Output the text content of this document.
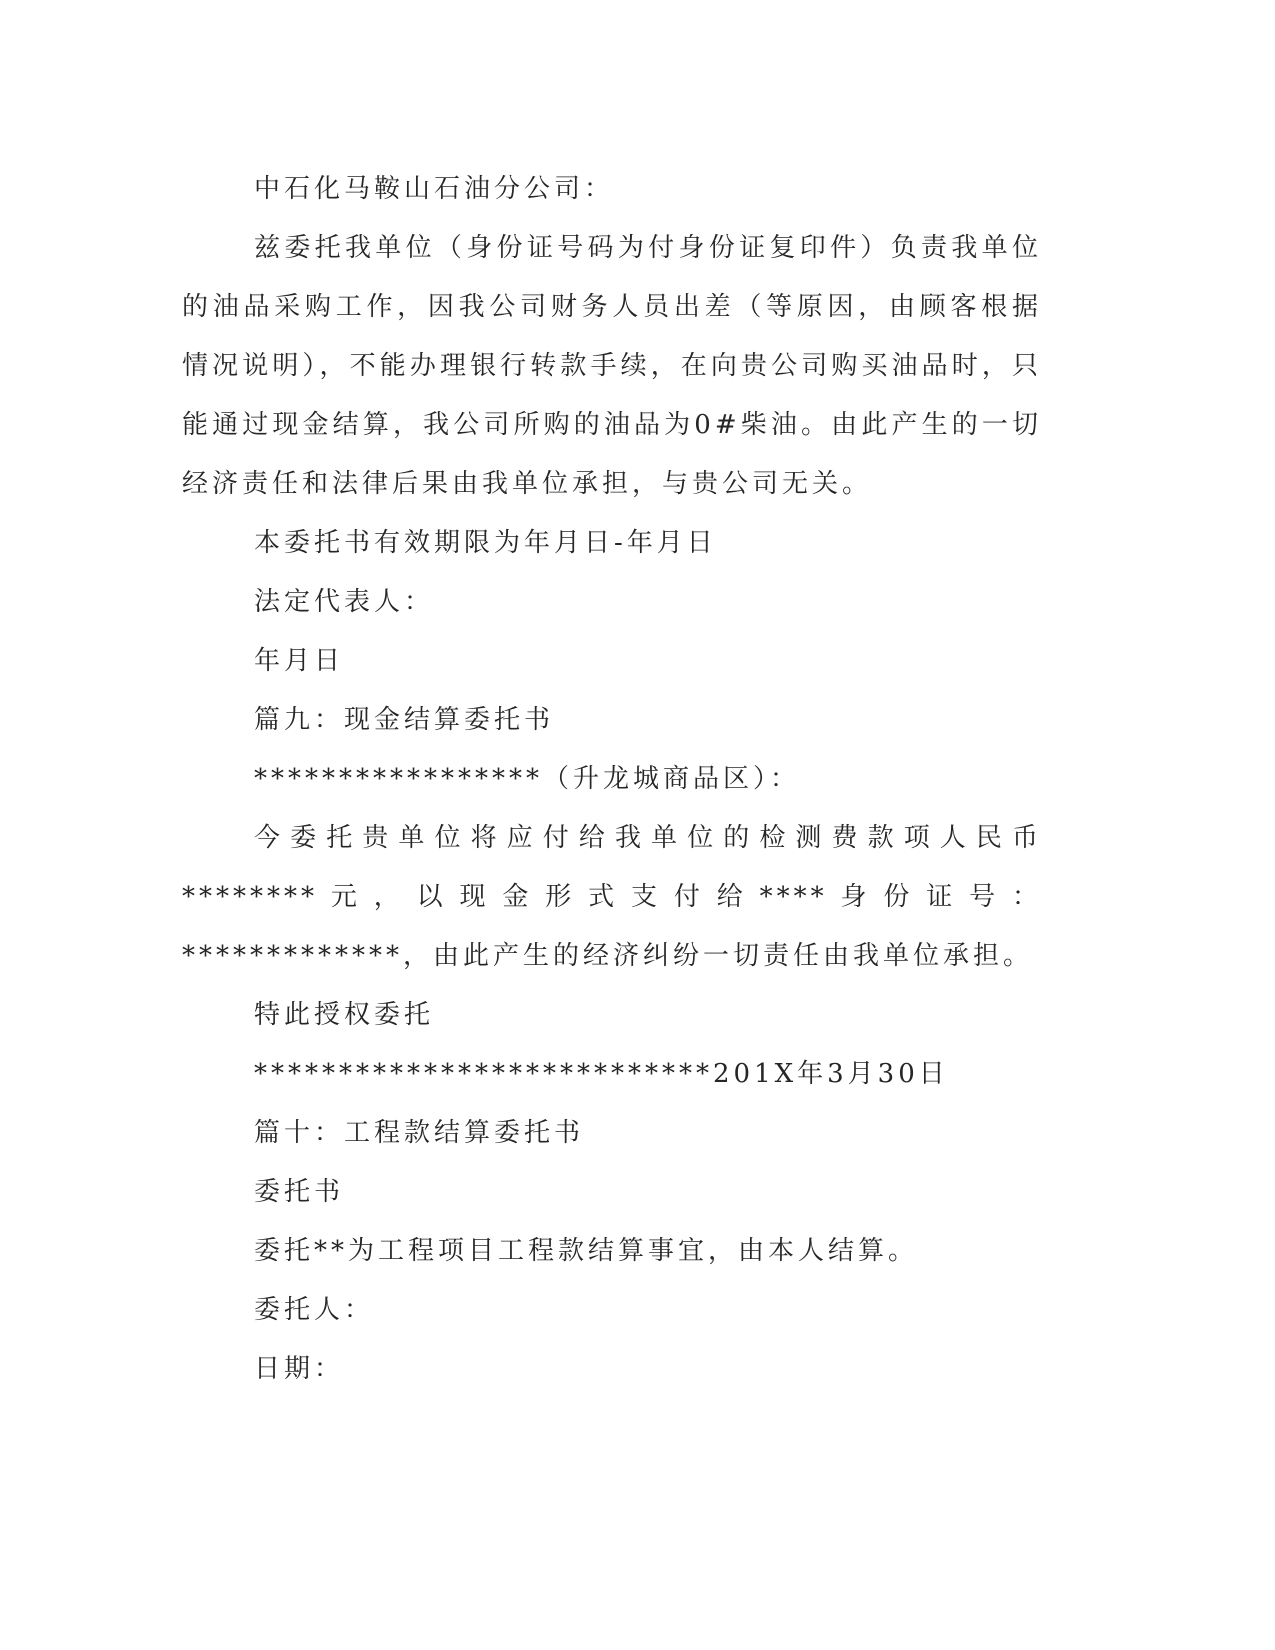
中石化马鞍山石油分公司：

兹委托我单位（身份证号码为付身份证复印件）负责我单位的油品采购工作，因我公司财务人员出差（等原因，由顾客根据情况说明），不能办理银行转款手续，在向贵公司购买油品时，只能通过现金结算，我公司所购的油品为0#柴油。由此产生的一切经济责任和法律后果由我单位承担，与贵公司无关。

本委托书有效期限为年月日-年月日

法定代表人：

年月日

篇九：现金结算委托书

*****************（升龙城商品区）：

今委托贵单位将应付给我单位的检测费款项人民币********元，以现金形式支付给****身份证号：*************，由此产生的经济纠纷一切责任由我单位承担。

特此授权委托

***************************201X年3月30日

篇十：工程款结算委托书

委托书

委托**为工程项目工程款结算事宜，由本人结算。

委托人：

日期：
